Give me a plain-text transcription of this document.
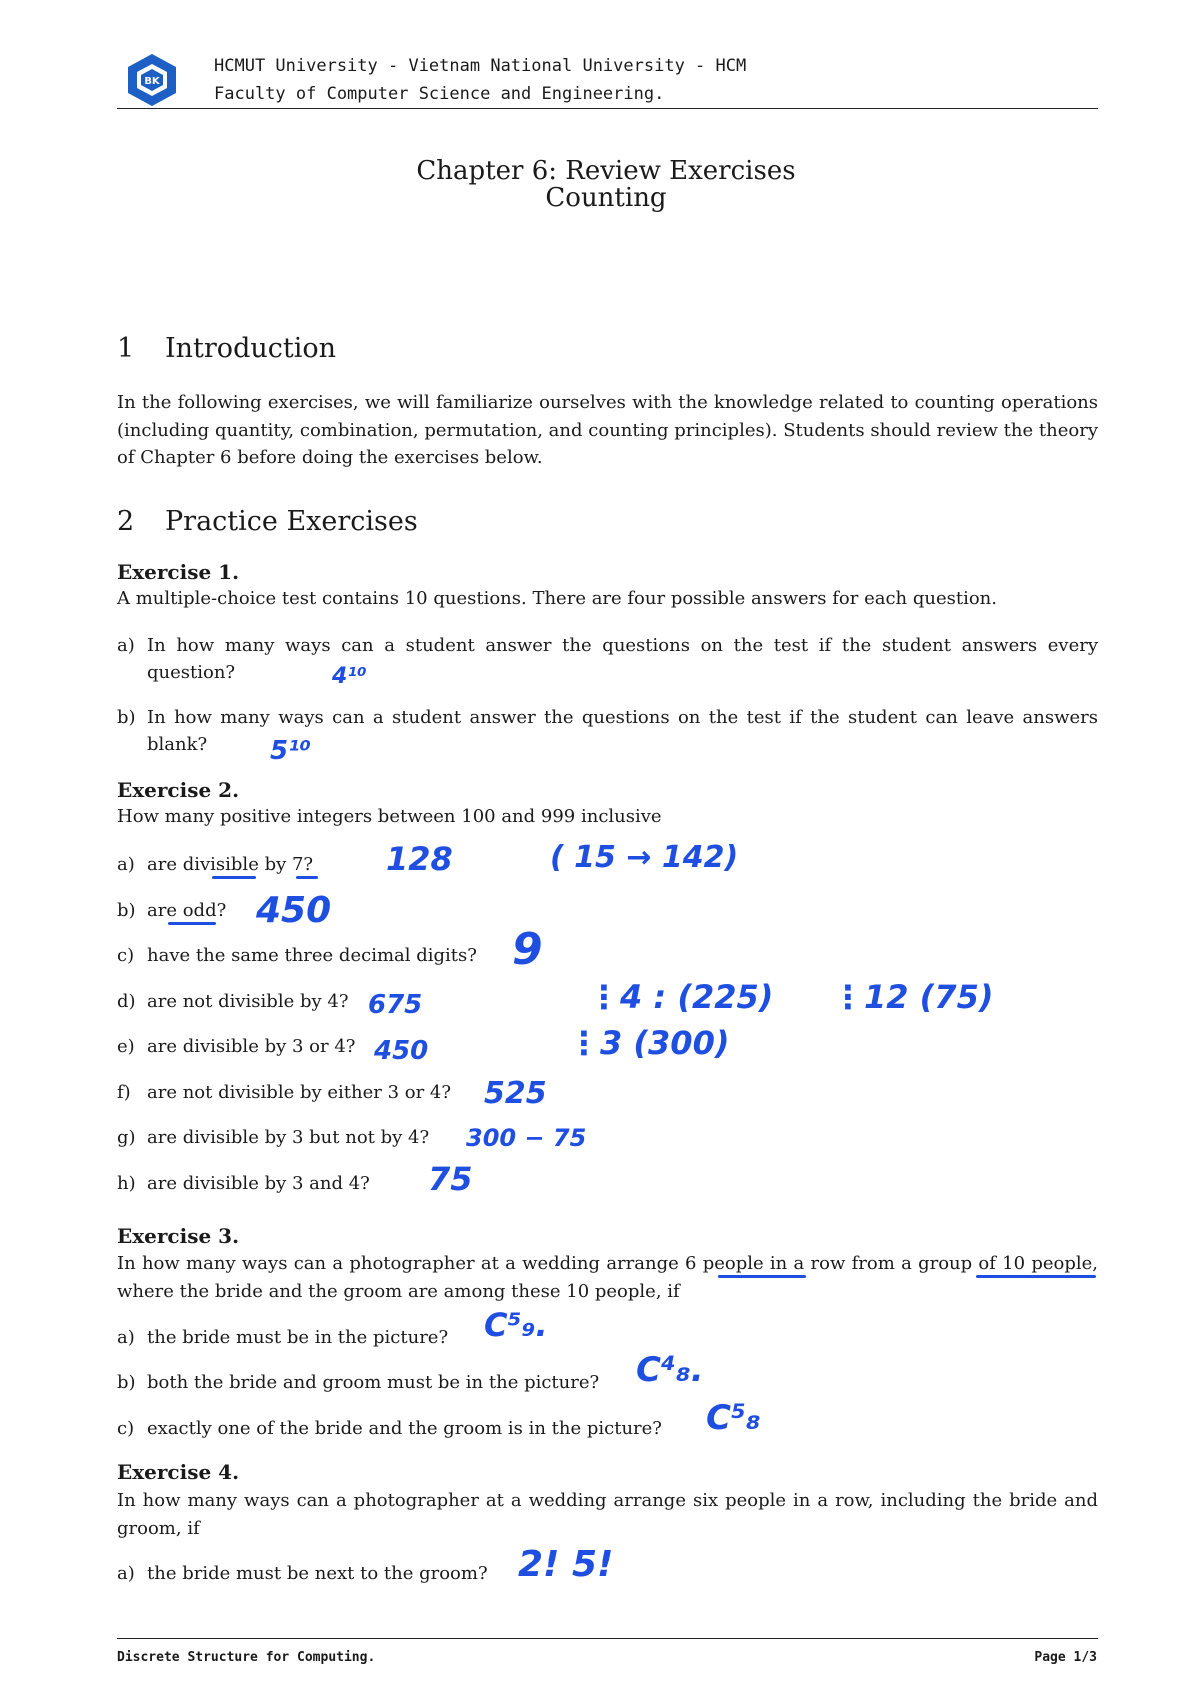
BK
HCMUT University - Vietnam National University - HCM
Faculty of Computer Science and Engineering.
Chapter 6: Review Exercises
Counting
1 Introduction
In the following exercises, we will familiarize ourselves with the knowledge related to counting operations (including quantity, combination, permutation, and counting principles). Students should review the theory of Chapter 6 before doing the exercises below.
2 Practice Exercises
Exercise 1.
A multiple-choice test contains 10 questions. There are four possible answers for each question.
a) In how many ways can a student answer the questions on the test if the student answers every question?
b) In how many ways can a student answer the questions on the test if the student can leave answers blank?
4¹⁰
5¹⁰
Exercise 2.
How many positive integers between 100 and 999 inclusive
a) are divisible by 7?
b) are odd?
c) have the same three decimal digits?
d) are not divisible by 4?
e) are divisible by 3 or 4?
f) are not divisible by either 3 or 4?
g) are divisible by 3 but not by 4?
h) are divisible by 3 and 4?
128	( 15 → 142)
450
9
675	⋮4 : (225) ⋮12 (75)
450	⋮3 (300)
525
300 − 75
75
Exercise 3.
In how many ways can a photographer at a wedding arrange 6 people in a row from a group of 10 people, where the bride and the groom are among these 10 people, if
a) the bride must be in the picture?
b) both the bride and groom must be in the picture?
c) exactly one of the bride and the groom is in the picture?
C⁵₉.
C⁴₈.
C⁵₈
Exercise 4.
In how many ways can a photographer at a wedding arrange six people in a row, including the bride and groom, if
a) the bride must be next to the groom? 2! 5!
Discrete Structure for Computing.	Page 1/3
